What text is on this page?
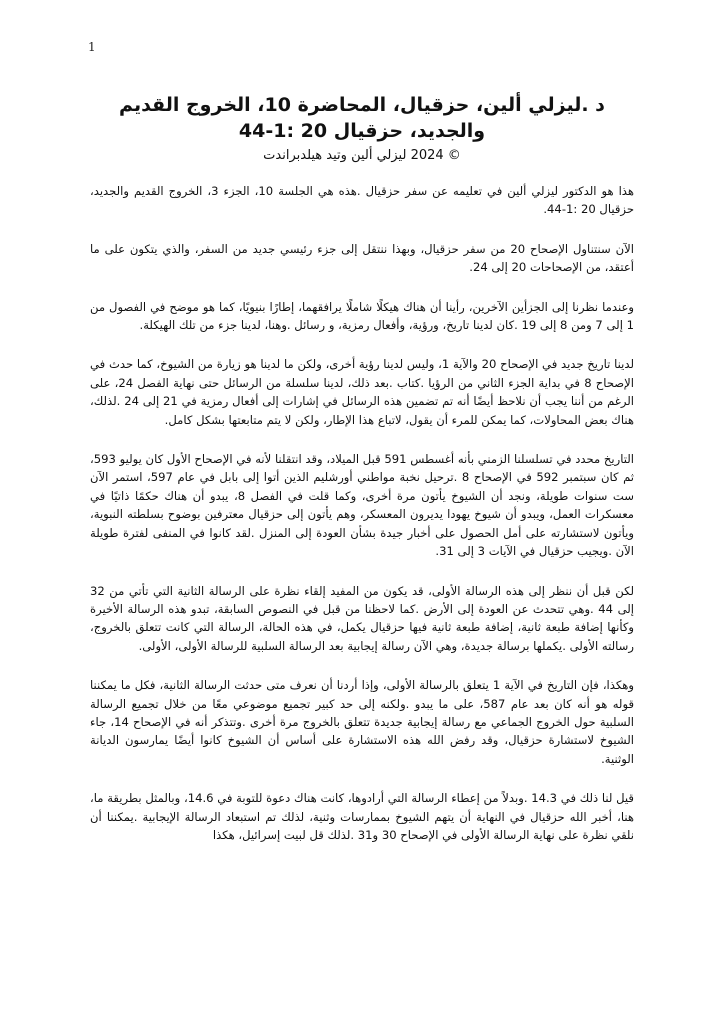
1

د .ليزلي ألين، حزقيال، المحاضرة 10، الخروج القديم

والجديد، حزقيال 20 :1-44

© 2024 ليزلي ألين وتيد هيلدبراندت

هذا هو الدكتور ليزلي ألين في تعليمه عن سفر حزقيال .هذه هي الجلسة 10، الجزء 3، الخروج القديم والجديد، حزقيال 20 :1-44.

الآن سنتناول الإصحاح 20 من سفر حزقيال، وبهذا ننتقل إلى جزء رئيسي جديد من السفر، والذي يتكون على ما أعتقد، من الإصحاحات 20 إلى 24.

وعندما نظرنا إلى الجزأين الآخرين، رأينا أن هناك هيكلًا شاملًا يرافقهما، إطارًا بنيويًا، كما هو موضح في الفصول من 1 إلى 7 ومن 8 إلى 19 .كان لدينا تاريخ، ورؤية، وأفعال رمزية، و رسائل .وهنا، لدينا جزء من تلك الهيكلة.

لدينا تاريخ جديد في الإصحاح 20 والآية 1، وليس لدينا رؤية أخرى، ولكن ما لدينا هو زيارة من الشيوخ، كما حدث في الإصحاح 8 في بداية الجزء الثاني من الرؤيا .كتاب .بعد ذلك، لدينا سلسلة من الرسائل حتى نهاية الفصل 24، على الرغم من أننا يجب أن نلاحظ أيضًا أنه تم تضمين هذه الرسائل في إشارات إلى أفعال رمزية في 21 إلى 24 .لذلك، هناك بعض المحاولات، كما يمكن للمرء أن يقول، لاتباع هذا الإطار، ولكن لا يتم متابعتها بشكل كامل.

التاريخ محدد في تسلسلنا الزمني بأنه أغسطس 591 قبل الميلاد، وقد انتقلنا لأنه في الإصحاح الأول كان يوليو 593، ثم كان سبتمبر 592 في الإصحاح 8 .ترحيل نخبة مواطني أورشليم الذين أتوا إلى بابل في عام 597، استمر الآن ست سنوات طويلة، ونجد أن الشيوخ يأتون مرة أخرى، وكما قلت في الفصل 8، يبدو أن هناك حكمًا ذاتيًا في معسكرات العمل، ويبدو أن شيوخ يهودا يديرون المعسكر، وهم يأتون إلى حزقيال معترفين بوضوح بسلطته النبوية، ويأتون لاستشارته على أمل الحصول على أخبار جيدة بشأن العودة إلى المنزل .لقد كانوا في المنفى لفترة طويلة الآن .ويجيب حزقيال في الآيات 3 إلى 31.

لكن قبل أن ننظر إلى هذه الرسالة الأولى، قد يكون من المفيد إلقاء نظرة على الرسالة الثانية التي تأتي من 32 إلى 44 .وهي تتحدث عن العودة إلى الأرض .كما لاحظنا من قبل في النصوص السابقة، تبدو هذه الرسالة الأخيرة وكأنها إضافة طبعة ثانية، إضافة طبعة ثانية فيها حزقيال يكمل، في هذه الحالة، الرسالة التي كانت تتعلق بالخروج، رسالته الأولى .يكملها برسالة جديدة، وهي الآن رسالة إيجابية بعد الرسالة السلبية للرسالة الأولى، الأولى.

وهكذا، فإن التاريخ في الآية 1 يتعلق بالرسالة الأولى، وإذا أردنا أن نعرف متى حدثت الرسالة الثانية، فكل ما يمكننا قوله هو أنه كان بعد عام 587، على ما يبدو .ولكنه إلى حد كبير تجميع موضوعي معًا من خلال تجميع الرسالة السلبية حول الخروج الجماعي مع رسالة إيجابية جديدة تتعلق بالخروج مرة أخرى .وتتذكر أنه في الإصحاح 14، جاء الشيوخ لاستشارة حزقيال، وقد رفض الله هذه الاستشارة على أساس أن الشيوخ كانوا أيضًا يمارسون الديانة الوثنية.

قيل لنا ذلك في 14.3 .وبدلاً من إعطاء الرسالة التي أرادوها، كانت هناك دعوة للتوبة في 14.6، وبالمثل بطريقة ما، هنا، أخبر الله حزقيال في النهاية أن يتهم الشيوخ بممارسات وثنية، لذلك تم استبعاد الرسالة الإيجابية .يمكننا أن نلقي نظرة على نهاية الرسالة الأولى في الإصحاح 30 و31 .لذلك قل لبيت إسرائيل، هكذا
